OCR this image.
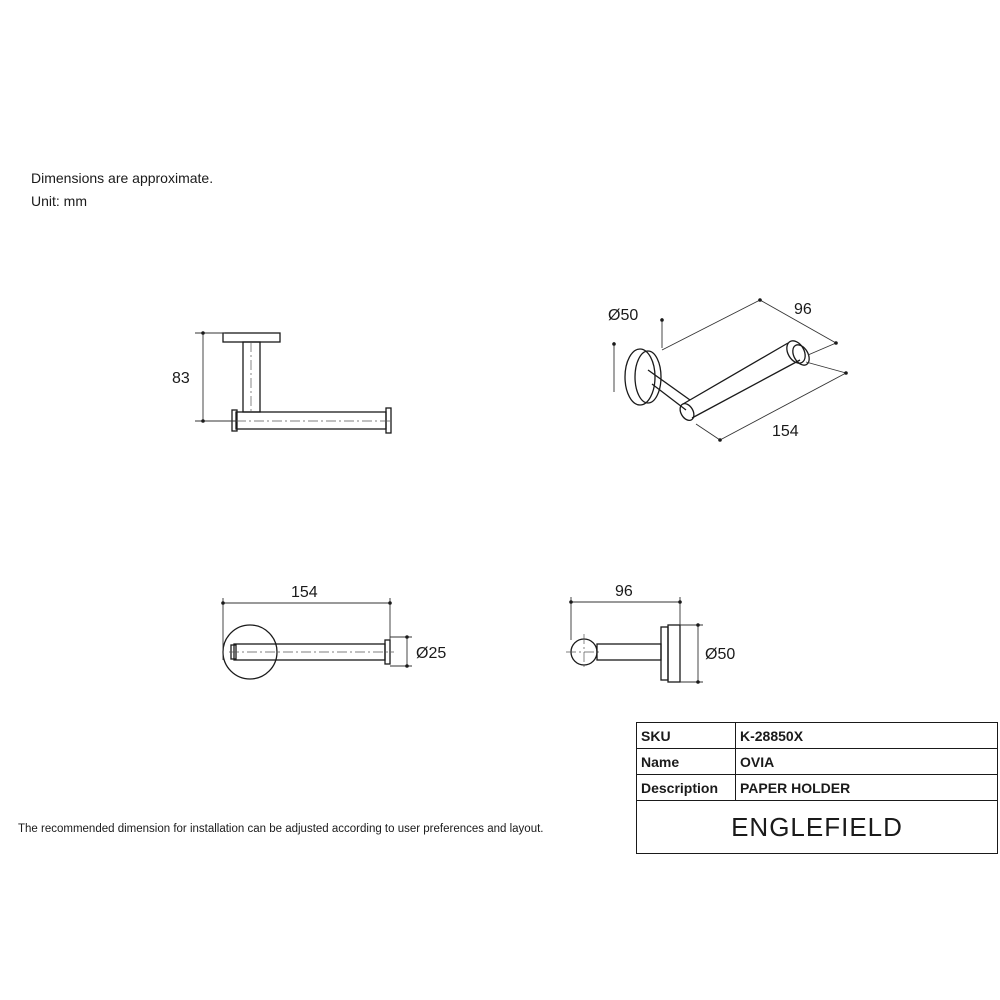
Dimensions are approximate.
Unit: mm
83
Ø50	96
154
154
Ø25
96
Ø50
The recommended dimension for installation can be adjusted according to user preferences and layout.
SKU	K-28850X
Name	OVIA
Description	PAPER HOLDER
ENGLEFIELD	
